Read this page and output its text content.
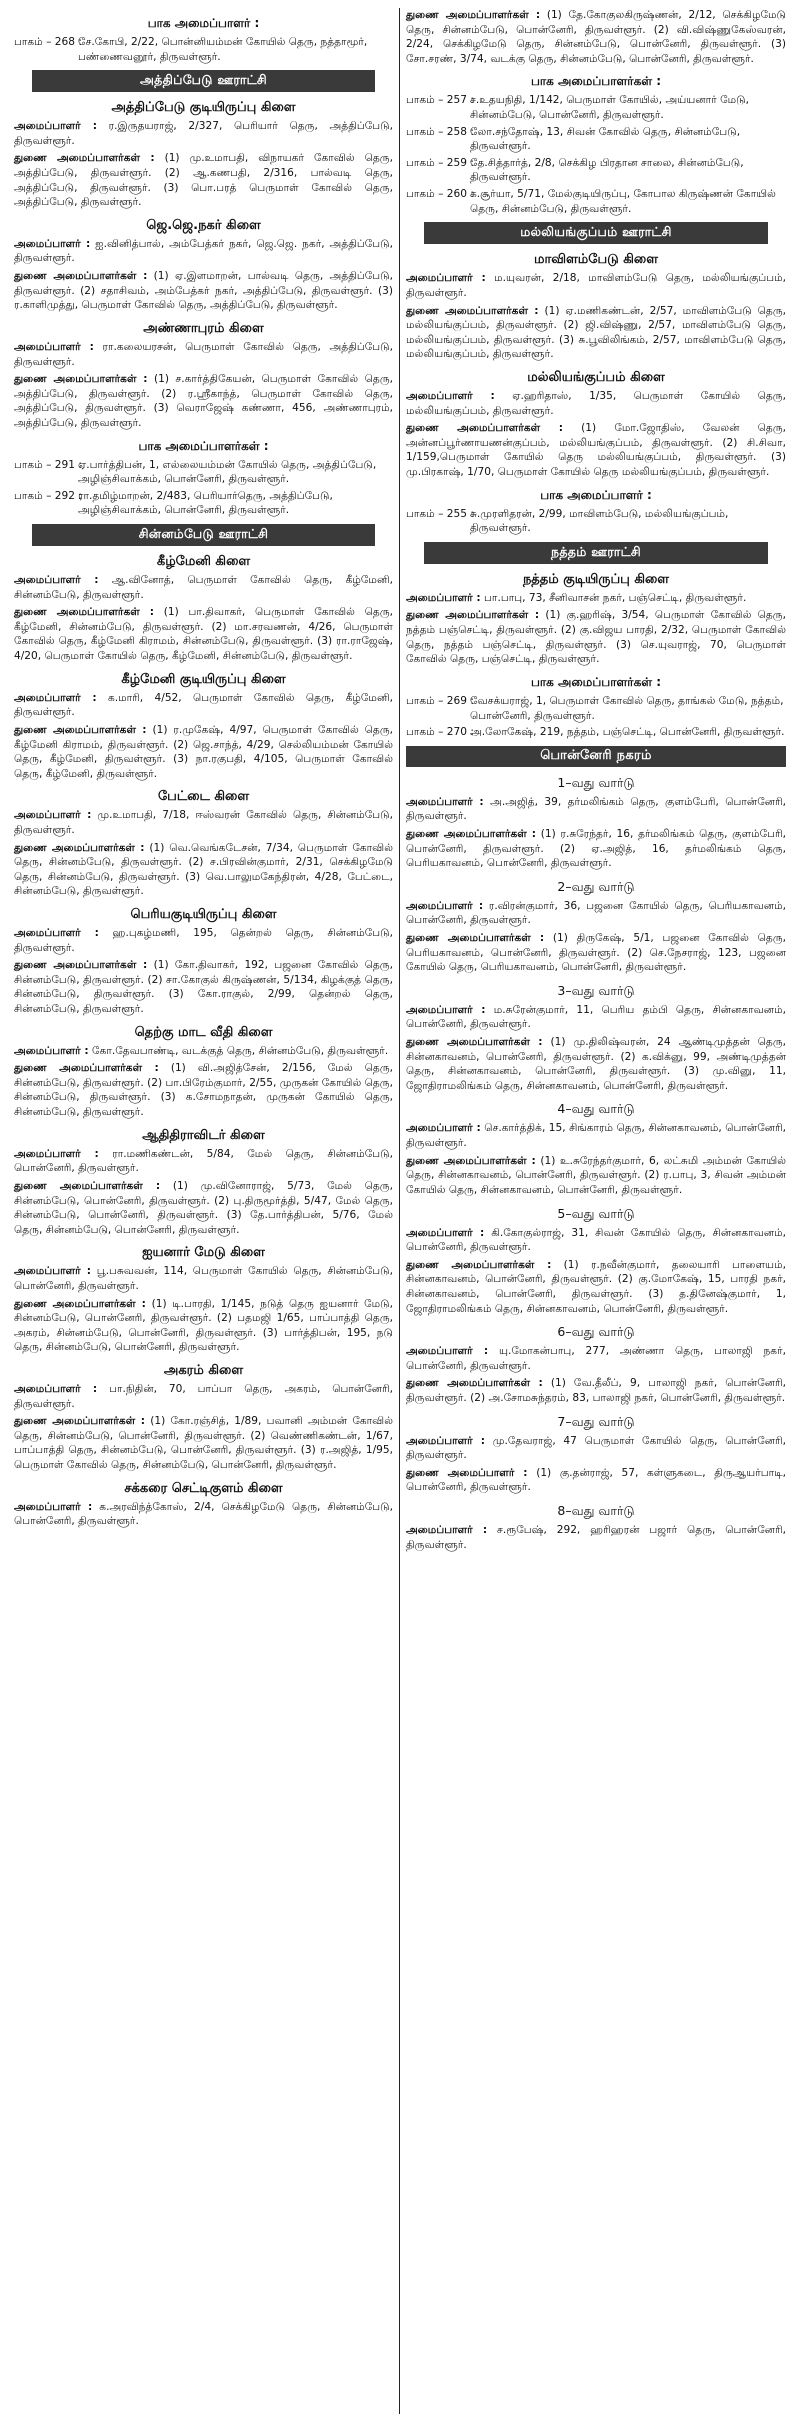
பாக அமைப்பாளர் :
பாகம் – 268 :
சே.கோபி, 2/22, பொன்னியம்மன் கோயில் தெரு, நத்தாமூர், பண்ணைவனூர், திருவள்ளூர்.
அத்திப்பேடு ஊராட்சி
அத்திப்பேடு குடியிருப்பு கிளை

அமைப்பாளர் : ர.இருதயராஜ், 2/327, பெரியார் தெரு, அத்திப்பேடு, திருவள்ளூர்.

துணை அமைப்பாளர்கள் : (1) மு.உமாபதி, விநாயகர் கோவில் தெரு, அத்திப்பேடு, திருவள்ளூர். (2) ஆ.கணபதி, 2/316, பால்வடி தெரு, அத்திப்பேடு, திருவள்ளூர். (3) பொ.பரத் பெருமாள் கோவில் தெரு, அத்திப்பேடு, திருவள்ளூர்.

ஜெ.ஜெ.நகர் கிளை

அமைப்பாளர் : ஐ.வினித்பால், அம்பேத்கர் நகர், ஜெ.ஜெ. நகர், அத்திப்பேடு, திருவள்ளூர்.

துணை அமைப்பாளர்கள் : (1) ஏ.இளமாறன், பால்வடி தெரு, அத்திப்பேடு, திருவள்ளூர். (2) சதாசிவம், அம்பேத்கர் நகர், அத்திப்பேடு, திருவள்ளூர். (3) ர.காளிமுத்து, பெருமாள் கோவில் தெரு, அத்திப்பேடு, திருவள்ளூர்.

அண்ணாபுரம் கிளை

அமைப்பாளர் : ரா.கலையரசன், பெருமாள் கோவில் தெரு, அத்திப்பேடு, திருவள்ளூர்.

துணை அமைப்பாளர்கள் : (1) ச.கார்த்திகேயன், பெருமாள் கோவில் தெரு, அத்திப்பேடு, திருவள்ளூர். (2) ர.ஸ்ரீகாந்த், பெருமாள் கோவில் தெரு, அத்திப்பேடு, திருவள்ளூர். (3) வெராஜேஷ் கண்ணா, 456, அண்ணாபுரம், அத்திப்பேடு, திருவள்ளூர்.

பாக அமைப்பாளர்கள் :
பாகம் – 291 :
ஏ.பார்த்திபன், 1, எல்லையம்மன் கோயில் தெரு, அத்திப்பேடு, அழிஞ்சிவாக்கம், பொன்னேரி, திருவள்ளூர்.
பாகம் – 292 :
ரா.தமிழ்மாறன், 2/483, பெரியார்தெரு, அத்திப்பேடு, அழிஞ்சிவாக்கம், பொன்னேரி, திருவள்ளூர்.
சின்னம்பேடு ஊராட்சி
கீழ்மேனி கிளை

அமைப்பாளர் : ஆ.வினோத், பெருமாள் கோவில் தெரு, கீழ்மேனி, சின்னம்பேடு, திருவள்ளூர்.

துணை அமைப்பாளர்கள் : (1) பா.திவாகர், பெருமாள் கோவில் தெரு, கீழ்மேனி, சின்னம்பேடு, திருவள்ளூர். (2) மா.சரவணன், 4/26, பெருமாள் கோவில் தெரு, கீழ்மேனி கிராமம், சின்னம்பேடு, திருவள்ளூர். (3) ரா.ராஜேஷ், 4/20, பெருமாள் கோயில் தெரு, கீழ்மேனி, சின்னம்பேடு, திருவள்ளூர்.

கீழ்மேனி குடியிருப்பு கிளை

அமைப்பாளர் : க.மாரி, 4/52, பெருமாள் கோவில் தெரு, கீழ்மேனி, திருவள்ளூர்.

துணை அமைப்பாளர்கள் : (1) ர.முகேஷ், 4/97, பெருமாள் கோவில் தெரு, கீழ்மேனி கிராமம், திருவள்ளூர். (2) ஜெ.சாந்த், 4/29, செல்லியம்மன் கோயில் தெரு, கீழ்மேனி, திருவள்ளூர். (3) நா.ரகுபதி, 4/105, பெருமாள் கோவில் தெரு, கீழ்மேனி, திருவள்ளூர்.

பேட்டை கிளை

அமைப்பாளர் : மு.உமாபதி, 7/18, ஈஸ்வரன் கோவில் தெரு, சின்னம்பேடு, திருவள்ளூர்.

துணை அமைப்பாளர்கள் : (1) வெ.வெங்கடேசன், 7/34, பெருமாள் கோவில் தெரு, சின்னம்பேடு, திருவள்ளூர். (2) ச.பிரவின்குமார், 2/31, செக்கிழமேடு தெரு, சின்னம்பேடு, திருவள்ளூர். (3) வெ.பாலுமகேந்திரன், 4/28, பேட்டை, சின்னம்பேடு, திருவள்ளூர்.

பெரியகுடியிருப்பு கிளை

அமைப்பாளர் : ஹ.புகழ்மணி, 195, தென்றல் தெரு, சின்னம்பேடு, திருவள்ளூர்.

துணை அமைப்பாளர்கள் : (1) கோ.திவாகர், 192, பஜனை கோவில் தெரு, சின்னம்பேடு, திருவள்ளூர். (2) சா.கோகுல் கிருஷ்ணன், 5/134, கிழக்குத் தெரு, சின்னம்பேடு, திருவள்ளூர். (3) கோ.ராகுல், 2/99, தென்றல் தெரு, சின்னம்பேடு, திருவள்ளூர்.

தெற்கு மாட வீதி கிளை

அமைப்பாளர் : கோ.தேவபாண்டி, வடக்குத் தெரு, சின்னம்பேடு, திருவள்ளூர்.

துணை அமைப்பாளர்கள் : (1) வி.அஜித்சேன், 2/156, மேல் தெரு, சின்னம்பேடு, திருவள்ளூர். (2) பா.பிரேம்குமார், 2/55, முருகன் கோயில் தெரு, சின்னம்பேடு, திருவள்ளூர். (3) க.சோமநாதன், முருகன் கோயில் தெரு, சின்னம்பேடு, திருவள்ளூர்.

ஆதிதிராவிடர் கிளை

அமைப்பாளர் : ரா.மணிகண்டன், 5/84, மேல் தெரு, சின்னம்பேடு, பொன்னேரி, திருவள்ளூர்.

துணை அமைப்பாளர்கள் : (1) மு.வினோராஜ், 5/73, மேல் தெரு, சின்னம்பேடு, பொன்னேரி, திருவள்ளூர். (2) பு.திருமூர்த்தி, 5/47, மேல் தெரு, சின்னம்பேடு, பொன்னேரி, திருவள்ளூர். (3) தே.பார்த்திபன், 5/76, மேல் தெரு, சின்னம்பேடு, பொன்னேரி, திருவள்ளூர்.

ஐயனார் மேடு கிளை

அமைப்பாளர் : பூ.பசுவவன், 114, பெருமாள் கோயில் தெரு, சின்னம்பேடு, பொன்னேரி, திருவள்ளூர்.

துணை அமைப்பாளர்கள் : (1) டி.பாரதி, 1/145, நடுத் தெரு ஐயனார் மேடு, சின்னம்பேடு, பொன்னேரி, திருவள்ளூர். (2) பதமஜி 1/65, பாப்பாத்தி தெரு, அகரம், சின்னம்பேடு, பொன்னேரி, திருவள்ளூர். (3) பார்த்திபன், 195, நடு தெரு, சின்னம்பேடு, பொன்னேரி, திருவள்ளூர்.

அகரம் கிளை

அமைப்பாளர் : பா.நிதின், 70, பாப்பா தெரு, அகரம், பொன்னேரி, திருவள்ளூர்.

துணை அமைப்பாளர்கள் : (1) கோ.ரஞ்சித், 1/89, பவானி அம்மன் கோவில் தெரு, சின்னம்பேடு, பொன்னேரி, திருவள்ளூர். (2) வெண்ணிகண்டன், 1/67, பாப்பாத்தி தெரு, சின்னம்பேடு, பொன்னேரி, திருவள்ளூர். (3) ர.அஜித், 1/95, பெருமாள் கோவில் தெரு, சின்னம்பேடு, பொன்னேரி, திருவள்ளூர்.

சக்கரை செட்டிகுளம் கிளை

அமைப்பாளர் : க.அரவிந்த்கோஸ், 2/4, செக்கிழமேடு தெரு, சின்னம்பேடு, பொன்னேரி, திருவள்ளூர்.

துணை அமைப்பாளர்கள் : (1) தே.கோகுலகிருஷ்ணன், 2/12, செக்கிழமேடு தெரு, சின்னம்பேடு, பொன்னேரி, திருவள்ளூர். (2) வி.விஷ்ணுகேஸ்வரன், 2/24, செக்கிழமேடு தெரு, சின்னம்பேடு, பொன்னேரி, திருவள்ளூர். (3) சோ.சரண், 3/74, வடக்கு தெரு, சின்னம்பேடு, பொன்னேரி, திருவள்ளூர்.

பாக அமைப்பாளர்கள் :
பாகம் – 257 :
ச.உதயநிதி, 1/142, பெருமாள் கோயில், அய்யனார் மேடு, சின்னம்பேடு, பொன்னேரி, திருவள்ளூர்.
பாகம் – 258 :
லோ.சந்தோஷ், 13, சிவன் கோவில் தெரு, சின்னம்பேடு, திருவள்ளூர்.
பாகம் – 259 :
தே.சித்தார்த், 2/8, செக்கிழ பிரதான சாலை, சின்னம்பேடு, திருவள்ளூர்.
பாகம் – 260 :
க.சூர்யா, 5/71, மேல்குடியிருப்பு, கோபால கிருஷ்ணன் கோயில் தெரு, சின்னம்பேடு, திருவள்ளூர்.
மல்லியங்குப்பம் ஊராட்சி
மாவிளம்பேடு கிளை

அமைப்பாளர் : ம.யுவரன், 2/18, மாவிளம்பேடு தெரு, மல்லியங்குப்பம், திருவள்ளூர்.

துணை அமைப்பாளர்கள் : (1) ஏ.மணிகண்டன், 2/57, மாவிளம்பேடு தெரு, மல்லியங்குப்பம், திருவள்ளூர். (2) ஜி.விஷ்ணு, 2/57, மாவிளம்பேடு தெரு, மல்லியங்குப்பம், திருவள்ளூர். (3) சு.பூவிலிங்கம், 2/57, மாவிளம்பேடு தெரு, மல்லியங்குப்பம், திருவள்ளூர்.

மல்லியங்குப்பம் கிளை

அமைப்பாளர் : ஏ.ஹரிதாஸ், 1/35, பெருமாள் கோயில் தெரு, மல்லியங்குப்பம், திருவள்ளூர்.

துணை அமைப்பாளர்கள் : (1) மோ.ஜோதிஸ், வேலன் தெரு, அன்னப்பூர்ணாயணன்குப்பம், மல்லியங்குப்பம், திருவள்ளூர். (2) சி.சிவா, 1/159,பெருமாள் கோயில் தெரு மல்லியங்குப்பம், திருவள்ளூர். (3) மு.பிரகாஷ், 1/70, பெருமாள் கோயில் தெரு மல்லியங்குப்பம், திருவள்ளூர்.

பாக அமைப்பாளர் :
பாகம் – 255 :
சு.முரளிதரன், 2/99, மாவிளம்பேடு, மல்லியங்குப்பம், திருவள்ளூர்.
நத்தம் ஊராட்சி
நத்தம் குடியிருப்பு கிளை

அமைப்பாளர் : பா.பாபு, 73, சீனிவாசன் நகர், பஞ்செட்டி, திருவள்ளூர்.

துணை அமைப்பாளர்கள் : (1) கு.ஹரிஷ், 3/54, பெருமாள் கோவில் தெரு, நத்தம் பஞ்செட்டி, திருவள்ளூர். (2) கு.விஜய பாரதி, 2/32, பெருமாள் கோவில் தெரு, நத்தம் பஞ்செட்டி, திருவள்ளூர். (3) செ.யுவராஜ், 70, பெருமாள் கோவில் தெரு, பஞ்செட்டி, திருவள்ளூர்.

பாக அமைப்பாளர்கள் :
பாகம் – 269 :
வேசக்யராஜ், 1, பெருமாள் கோவில் தெரு, தாங்கல் மேடு, நத்தம், பொன்னேரி, திருவள்ளூர்.
பாகம் – 270 :
அ.லோகேஷ், 219, நத்தம், பஞ்செட்டி, பொன்னேரி, திருவள்ளூர்.
பொன்னேரி நகரம்
1–வது வார்டு

அமைப்பாளர் : அ.அஜித், 39, தர்மலிங்கம் தெரு, குளம்பேரி, பொன்னேரி, திருவள்ளூர்.

துணை அமைப்பாளர்கள் : (1) ர.சுரேந்தர், 16, தர்மலிங்கம் தெரு, குளம்பேரி, பொன்னேரி, திருவள்ளூர். (2) ஏ.அஜித், 16, தர்மலிங்கம் தெரு, பெரியகாவனம், பொன்னேரி, திருவள்ளூர்.

2–வது வார்டு

அமைப்பாளர் : ர.விரன்குமார், 36, பஜனை கோயில் தெரு, பெரியகாவனம், பொன்னேரி, திருவள்ளூர்.

துணை அமைப்பாளர்கள் : (1) திருகேஷ், 5/1, பஜனை கோவில் தெரு, பெரியகாவனம், பொன்னேரி, திருவள்ளூர். (2) செ.நேசராஜ், 123, பஜனை கோயில் தெரு, பெரியகாவனம், பொன்னேரி, திருவள்ளூர்.

3–வது வார்டு

அமைப்பாளர் : ம.சுரேன்குமார், 11, பெரிய தம்பி தெரு, சின்னகாவனம், பொன்னேரி, திருவள்ளூர்.

துணை அமைப்பாளர்கள் : (1) மு.திலிஷ்வரன், 24 ஆண்டிமுத்தன் தெரு, சின்னகாவனம், பொன்னேரி, திருவள்ளூர். (2) க.விக்னு, 99, அண்டிமுத்தன் தெரு, சின்னகாவனம், பொன்னேரி, திருவள்ளூர். (3) மு.வினு, 11, ஜோதிராமலிங்கம் தெரு, சின்னகாவனம், பொன்னேரி, திருவள்ளூர்.

4–வது வார்டு

அமைப்பாளர் : செ.கார்த்திக், 15, சிங்காரம் தெரு, சின்னகாவனம், பொன்னேரி, திருவள்ளூர்.

துணை அமைப்பாளர்கள் : (1) உ.சுரேந்தர்குமார், 6, லட்சுமி அம்மன் கோயில் தெரு, சின்னகாவனம், பொன்னேரி, திருவள்ளூர். (2) ர.பாபு, 3, சிவன் அம்மன் கோயில் தெரு, சின்னகாவனம், பொன்னேரி, திருவள்ளூர்.

5–வது வார்டு

அமைப்பாளர் : கி.கோகுல்ராஜ், 31, சிவன் கோயில் தெரு, சின்னகாவனம், பொன்னேரி, திருவள்ளூர்.

துணை அமைப்பாளர்கள் : (1) ர.நவீன்குமார், தலையாரி பாளையம், சின்னகாவனம், பொன்னேரி, திருவள்ளூர். (2) கு.மோகேஷ், 15, பாரதி நகர், சின்னகாவனம், பொன்னேரி, திருவள்ளூர். (3) த.தினேஷ்குமார், 1, ஜோதிராமலிங்கம் தெரு, சின்னகாவனம், பொன்னேரி, திருவள்ளூர்.

6–வது வார்டு

அமைப்பாளர் : யு.மோகன்பாபு, 277, அண்ணா தெரு, பாலாஜி நகர், பொன்னேரி, திருவள்ளூர்.

துணை அமைப்பாளர்கள் : (1) வே.தீலீப், 9, பாலாஜி நகர், பொன்னேரி, திருவள்ளூர். (2) அ.சோமசுந்தரம், 83, பாலாஜி நகர், பொன்னேரி, திருவள்ளூர்.

7–வது வார்டு

அமைப்பாளர் : மு.தேவராஜ், 47 பெருமாள் கோயில் தெரு, பொன்னேரி, திருவள்ளூர்.

துணை அமைப்பாளர் : (1) கு.தன்ராஜ், 57, கள்ளுகடை, திருஆயர்பாடி, பொன்னேரி, திருவள்ளூர்.

8–வது வார்டு

அமைப்பாளர் : ச.ரூபேஷ், 292, ஹரிஹரன் பஜார் தெரு, பொன்னேரி, திருவள்ளூர்.
